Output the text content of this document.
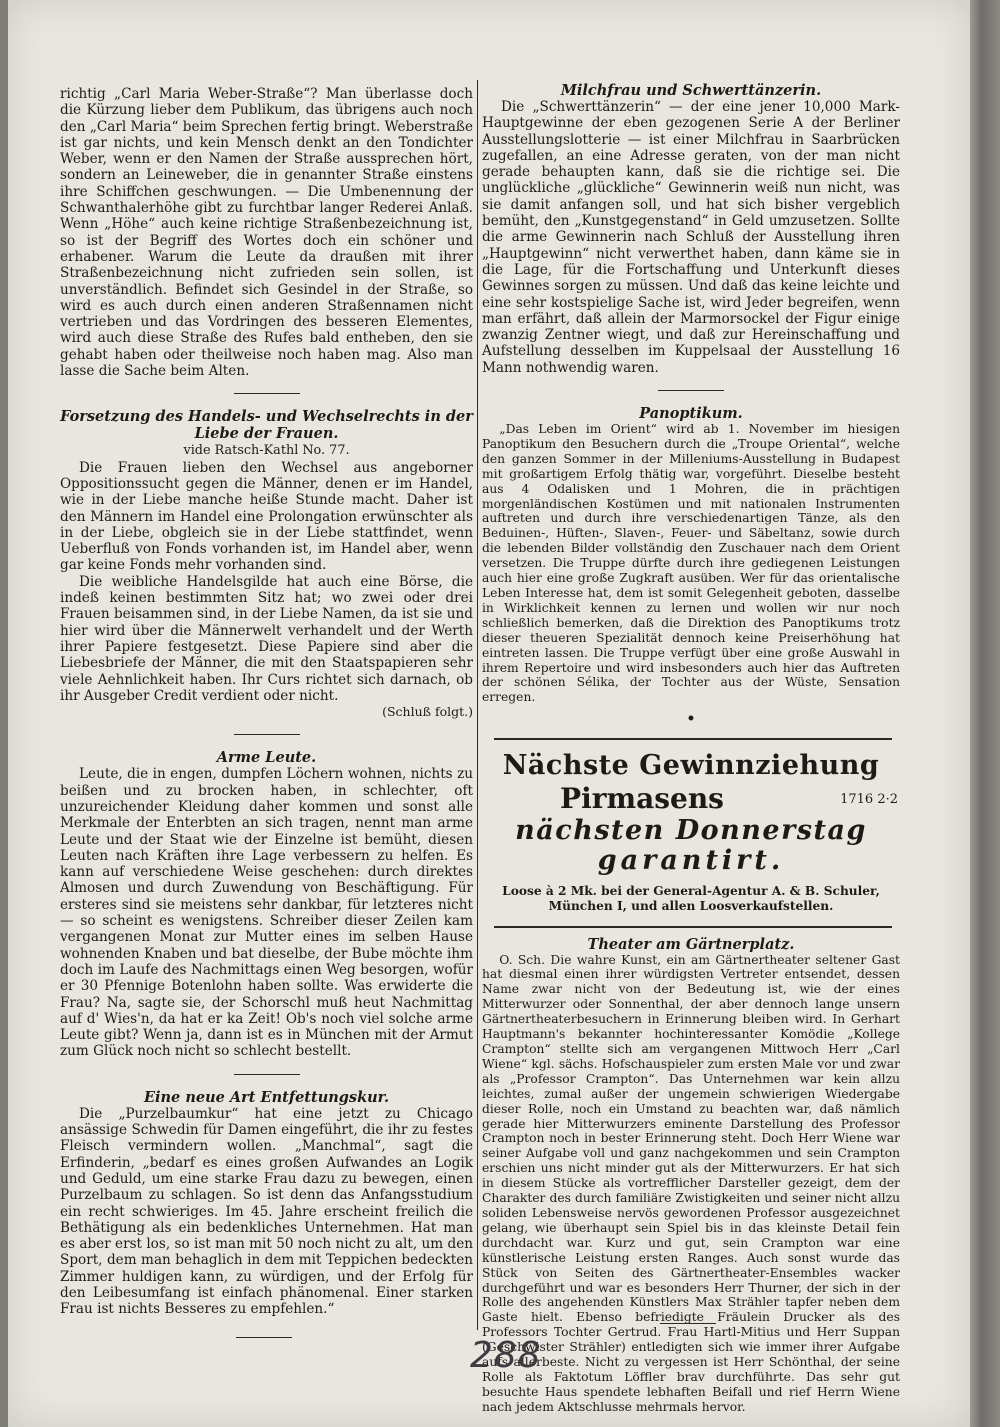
richtig „Carl Maria Weber-Straße“? Man überlasse doch die Kürzung lieber dem Publikum, das übrigens auch noch den „Carl Maria“ beim Sprechen fertig bringt. Weberstraße ist gar nichts, und kein Mensch denkt an den Tondichter Weber, wenn er den Namen der Straße aussprechen hört, sondern an Leineweber, die in genannter Straße einstens ihre Schiffchen geschwungen. — Die Umbenennung der Schwanthalerhöhe gibt zu furchtbar langer Rederei Anlaß. Wenn „Höhe“ auch keine richtige Straßenbezeichnung ist, so ist der Begriff des Wortes doch ein schöner und erhabener. Warum die Leute da draußen mit ihrer Straßenbezeichnung nicht zufrieden sein sollen, ist unverständlich. Befindet sich Gesindel in der Straße, so wird es auch durch einen anderen Straßennamen nicht vertrieben und das Vordringen des besseren Elementes, wird auch diese Straße des Rufes bald entheben, den sie gehabt haben oder theilweise noch haben mag. Also man lasse die Sache beim Alten.

Forsetzung des Handels- und Wechselrechts in der Liebe der Frauen.

vide Ratsch-Kathl No. 77.

Die Frauen lieben den Wechsel aus angeborner Oppositionssucht gegen die Männer, denen er im Handel, wie in der Liebe manche heiße Stunde macht. Daher ist den Männern im Handel eine Prolongation erwünschter als in der Liebe, obgleich sie in der Liebe stattfindet, wenn Ueberfluß von Fonds vorhanden ist, im Handel aber, wenn gar keine Fonds mehr vorhanden sind.

Die weibliche Handelsgilde hat auch eine Börse, die indeß keinen bestimmten Sitz hat; wo zwei oder drei Frauen beisammen sind, in der Liebe Namen, da ist sie und hier wird über die Männerwelt verhandelt und der Werth ihrer Papiere festgesetzt. Diese Papiere sind aber die Liebesbriefe der Männer, die mit den Staatspapieren sehr viele Aehnlichkeit haben. Ihr Curs richtet sich darnach, ob ihr Ausgeber Credit verdient oder nicht.

(Schluß folgt.)

Arme Leute.

Leute, die in engen, dumpfen Löchern wohnen, nichts zu beißen und zu brocken haben, in schlechter, oft unzureichender Kleidung daher kommen und sonst alle Merkmale der Enterbten an sich tragen, nennt man arme Leute und der Staat wie der Einzelne ist bemüht, diesen Leuten nach Kräften ihre Lage verbessern zu helfen. Es kann auf verschiedene Weise geschehen: durch direktes Almosen und durch Zuwendung von Beschäftigung. Für ersteres sind sie meistens sehr dankbar, für letzteres nicht — so scheint es wenigstens. Schreiber dieser Zeilen kam vergangenen Monat zur Mutter eines im selben Hause wohnenden Knaben und bat dieselbe, der Bube möchte ihm doch im Laufe des Nachmittags einen Weg besorgen, wofür er 30 Pfennige Botenlohn haben sollte. Was erwiderte die Frau? Na, sagte sie, der Schorschl muß heut Nachmittag auf d' Wies'n, da hat er ka Zeit! Ob's noch viel solche arme Leute gibt? Wenn ja, dann ist es in München mit der Armut zum Glück noch nicht so schlecht bestellt.

Eine neue Art Entfettungskur.

Die „Purzelbaumkur“ hat eine jetzt zu Chicago ansässige Schwedin für Damen eingeführt, die ihr zu festes Fleisch vermindern wollen. „Manchmal“, sagt die Erfinderin, „bedarf es eines großen Aufwandes an Logik und Geduld, um eine starke Frau dazu zu bewegen, einen Purzelbaum zu schlagen. So ist denn das Anfangsstudium ein recht schwieriges. Im 45. Jahre erscheint freilich die Bethätigung als ein bedenkliches Unternehmen. Hat man es aber erst los, so ist man mit 50 noch nicht zu alt, um den Sport, dem man behaglich in dem mit Teppichen bedeckten Zimmer huldigen kann, zu würdigen, und der Erfolg für den Leibesumfang ist einfach phänomenal. Einer starken Frau ist nichts Besseres zu empfehlen.“

Milchfrau und Schwerttänzerin.

Die „Schwerttänzerin“ — der eine jener 10,000 Mark-Hauptgewinne der eben gezogenen Serie A der Berliner Ausstellungslotterie — ist einer Milchfrau in Saarbrücken zugefallen, an eine Adresse geraten, von der man nicht gerade behaupten kann, daß sie die richtige sei. Die unglückliche „glückliche“ Gewinnerin weiß nun nicht, was sie damit anfangen soll, und hat sich bisher vergeblich bemüht, den „Kunstgegenstand“ in Geld umzusetzen. Sollte die arme Gewinnerin nach Schluß der Ausstellung ihren „Hauptgewinn“ nicht verwerthet haben, dann käme sie in die Lage, für die Fortschaffung und Unterkunft dieses Gewinnes sorgen zu müssen. Und daß das keine leichte und eine sehr kostspielige Sache ist, wird Jeder begreifen, wenn man erfährt, daß allein der Marmorsockel der Figur einige zwanzig Zentner wiegt, und daß zur Hereinschaffung und Aufstellung desselben im Kuppelsaal der Ausstellung 16 Mann nothwendig waren.

Panoptikum.

„Das Leben im Orient“ wird ab 1. November im hiesigen Panoptikum den Besuchern durch die „Troupe Oriental“, welche den ganzen Sommer in der Milleniums-Ausstellung in Budapest mit großartigem Erfolg thätig war, vorgeführt. Dieselbe besteht aus 4 Odalisken und 1 Mohren, die in prächtigen morgenländischen Kostümen und mit nationalen Instrumenten auftreten und durch ihre verschiedenartigen Tänze, als den Beduinen-, Hüften-, Slaven-, Feuer- und Säbeltanz, sowie durch die lebenden Bilder vollständig den Zuschauer nach dem Orient versetzen. Die Truppe dürfte durch ihre gediegenen Leistungen auch hier eine große Zugkraft ausüben. Wer für das orientalische Leben Interesse hat, dem ist somit Gelegenheit geboten, dasselbe in Wirklichkeit kennen zu lernen und wollen wir nur noch schließlich bemerken, daß die Direktion des Panoptikums trotz dieser theueren Spezialität dennoch keine Preiserhöhung hat eintreten lassen. Die Truppe verfügt über eine große Auswahl in ihrem Repertoire und wird insbesonders auch hier das Auftreten der schönen Sélika, der Tochter aus der Wüste, Sensation erregen.

•

Nächste Gewinnziehung

Pirmasens	1716 2·2

nächsten Donnerstag

garantirt.

Loose à 2 Mk. bei der General-Agentur A. & B. Schuler, München I, und allen Loosverkaufstellen.

Theater am Gärtnerplatz.

O. Sch. Die wahre Kunst, ein am Gärtnertheater seltener Gast hat diesmal einen ihrer würdigsten Vertreter entsendet, dessen Name zwar nicht von der Bedeutung ist, wie der eines Mitterwurzer oder Sonnenthal, der aber dennoch lange unsern Gärtnertheaterbesuchern in Erinnerung bleiben wird. In Gerhart Hauptmann's bekannter hochinteressanter Komödie „Kollege Crampton“ stellte sich am vergangenen Mittwoch Herr „Carl Wiene“ kgl. sächs. Hofschauspieler zum ersten Male vor und zwar als „Professor Crampton“. Das Unternehmen war kein allzu leichtes, zumal außer der ungemein schwierigen Wiedergabe dieser Rolle, noch ein Umstand zu beachten war, daß nämlich gerade hier Mitterwurzers eminente Darstellung des Professor Crampton noch in bester Erinnerung steht. Doch Herr Wiene war seiner Aufgabe voll und ganz nachgekommen und sein Crampton erschien uns nicht minder gut als der Mitterwurzers. Er hat sich in diesem Stücke als vortrefflicher Darsteller gezeigt, dem der Charakter des durch familiäre Zwistigkeiten und seiner nicht allzu soliden Lebensweise nervös gewordenen Professor ausgezeichnet gelang, wie überhaupt sein Spiel bis in das kleinste Detail fein durchdacht war. Kurz und gut, sein Crampton war eine künstlerische Leistung ersten Ranges. Auch sonst wurde das Stück von Seiten des Gärtnertheater-Ensembles wacker durchgeführt und war es besonders Herr Thurner, der sich in der Rolle des angehenden Künstlers Max Strähler tapfer neben dem Gaste hielt. Ebenso befriedigte Fräulein Drucker als des Professors Tochter Gertrud. Frau Hartl-Mitius und Herr Suppan (Geschwister Strähler) entledigten sich wie immer ihrer Aufgabe aufs allerbeste. Nicht zu vergessen ist Herr Schönthal, der seine Rolle als Faktotum Löffler brav durchführte. Das sehr gut besuchte Haus spendete lebhaften Beifall und rief Herrn Wiene nach jedem Aktschlusse mehrmals hervor.

288
